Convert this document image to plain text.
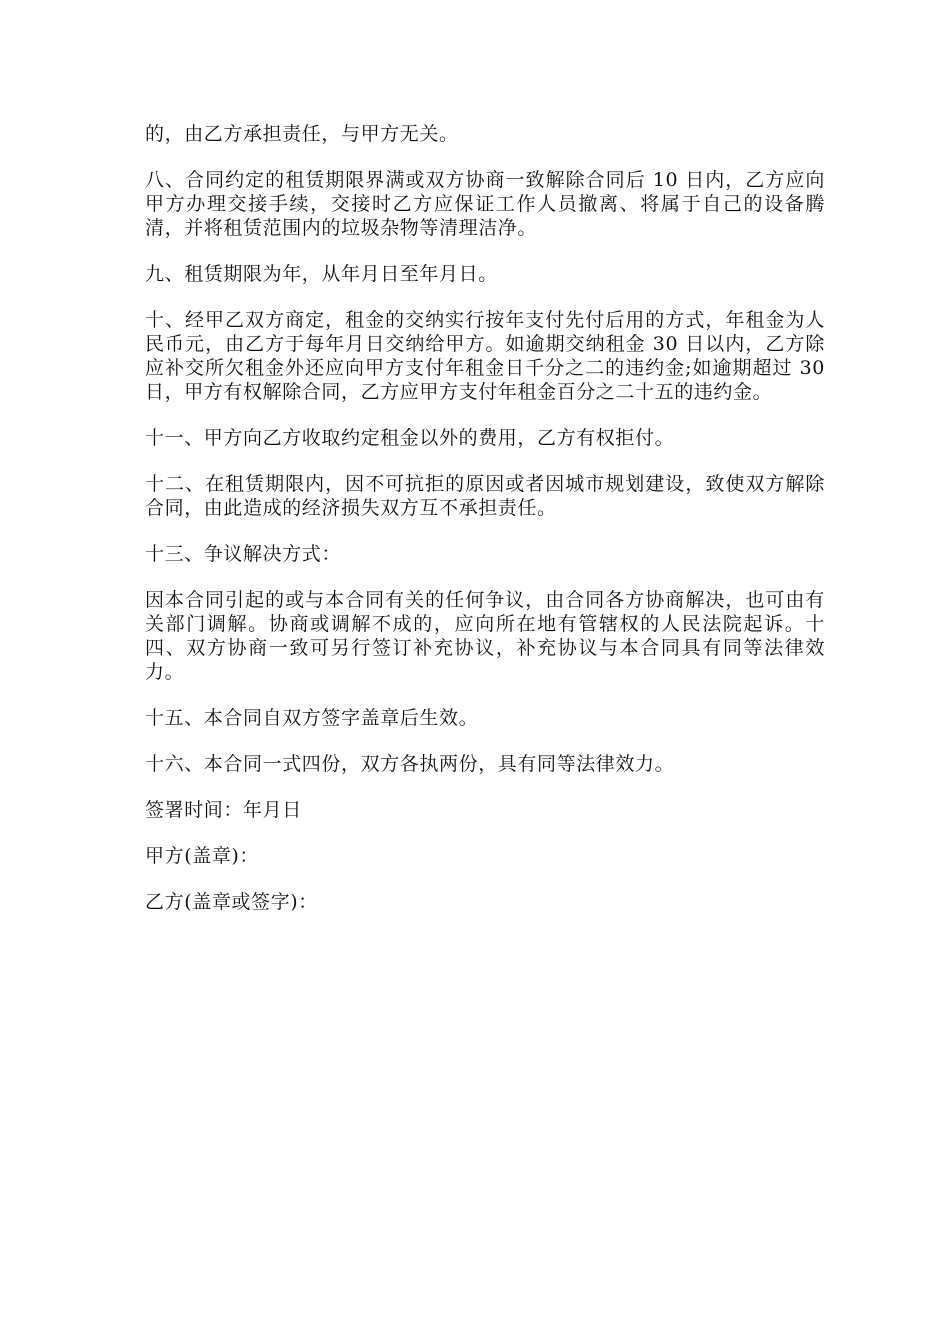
的，由乙方承担责任，与甲方无关。

八、合同约定的租赁期限界满或双方协商一致解除合同后 10 日内，乙方应向甲方办理交接手续，交接时乙方应保证工作人员撤离、将属于自己的设备腾清，并将租赁范围内的垃圾杂物等清理洁净。

九、租赁期限为年，从年月日至年月日。

十、经甲乙双方商定，租金的交纳实行按年支付先付后用的方式，年租金为人民币元，由乙方于每年月日交纳给甲方。如逾期交纳租金 30 日以内，乙方除应补交所欠租金外还应向甲方支付年租金日千分之二的违约金;如逾期超过 30 日，甲方有权解除合同，乙方应甲方支付年租金百分之二十五的违约金。

十一、甲方向乙方收取约定租金以外的费用，乙方有权拒付。

十二、在租赁期限内，因不可抗拒的原因或者因城市规划建设，致使双方解除合同，由此造成的经济损失双方互不承担责任。

十三、争议解决方式：

因本合同引起的或与本合同有关的任何争议，由合同各方协商解决，也可由有关部门调解。协商或调解不成的，应向所在地有管辖权的人民法院起诉。十四、双方协商一致可另行签订补充协议，补充协议与本合同具有同等法律效力。

十五、本合同自双方签字盖章后生效。

十六、本合同一式四份，双方各执两份，具有同等法律效力。

签署时间：年月日

甲方(盖章)：

乙方(盖章或签字)：
